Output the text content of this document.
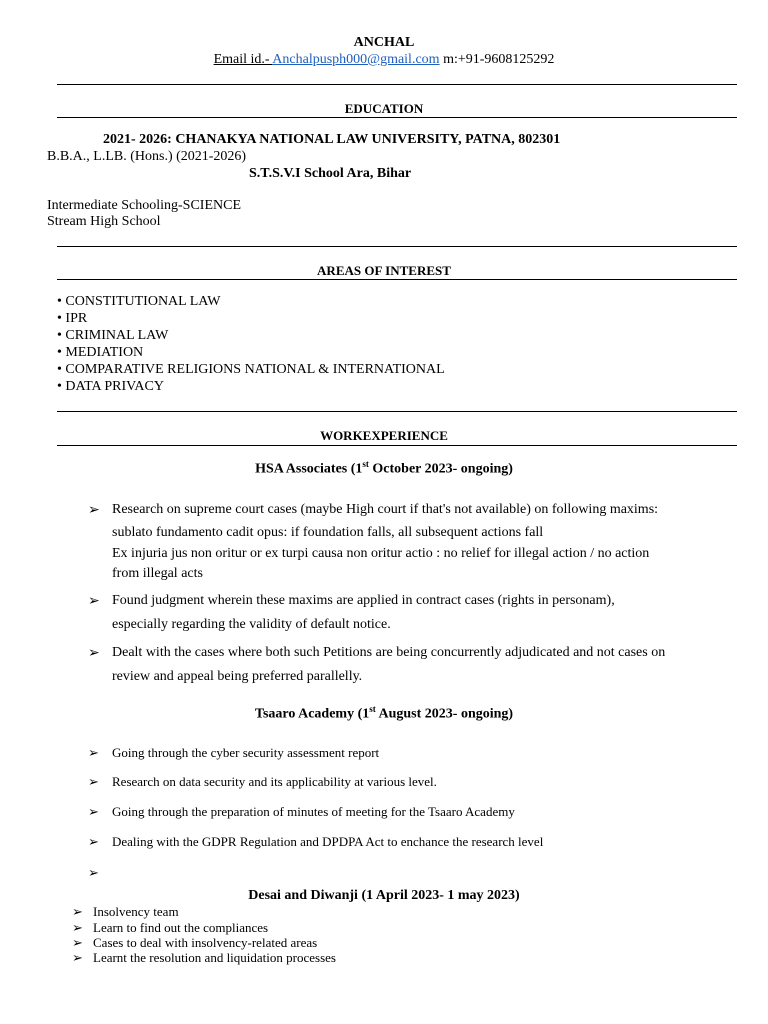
ANCHAL
Email id.- Anchalpusph000@gmail.com m:+91-9608125292
EDUCATION
2021- 2026: CHANAKYA NATIONAL LAW UNIVERSITY, PATNA, 802301
B.B.A., L.LB. (Hons.) (2021-2026)
S.T.S.V.I School Ara, Bihar
Intermediate Schooling-SCIENCE
Stream High School
AREAS OF INTEREST
• CONSTITUTIONAL LAW
• IPR
• CRIMINAL LAW
• MEDIATION
• COMPARATIVE RELIGIONS NATIONAL & INTERNATIONAL
• DATA PRIVACY
WORKEXPERIENCE
HSA Associates (1st October 2023- ongoing)
➢ Research on supreme court cases (maybe High court if that's not available) on following maxims:
sublato fundamento cadit opus: if foundation falls, all subsequent actions fall
Ex injuria jus non oritur or ex turpi causa non oritur actio : no relief for illegal action / no action
from illegal acts
➢ Found judgment wherein these maxims are applied in contract cases (rights in personam),
especially regarding the validity of default notice.
➢ Dealt with the cases where both such Petitions are being concurrently adjudicated and not cases on
review and appeal being preferred parallelly.
Tsaaro Academy (1st August 2023- ongoing)
➢ Going through the cyber security assessment report
➢ Research on data security and its applicability at various level.
➢ Going through the preparation of minutes of meeting for the Tsaaro Academy
➢ Dealing with the GDPR Regulation and DPDPA Act to enchance the research level
➢
Desai and Diwanji (1 April 2023- 1 may 2023)
➢ Insolvency team
➢ Learn to find out the compliances
➢ Cases to deal with insolvency-related areas
➢ Learnt the resolution and liquidation processes
